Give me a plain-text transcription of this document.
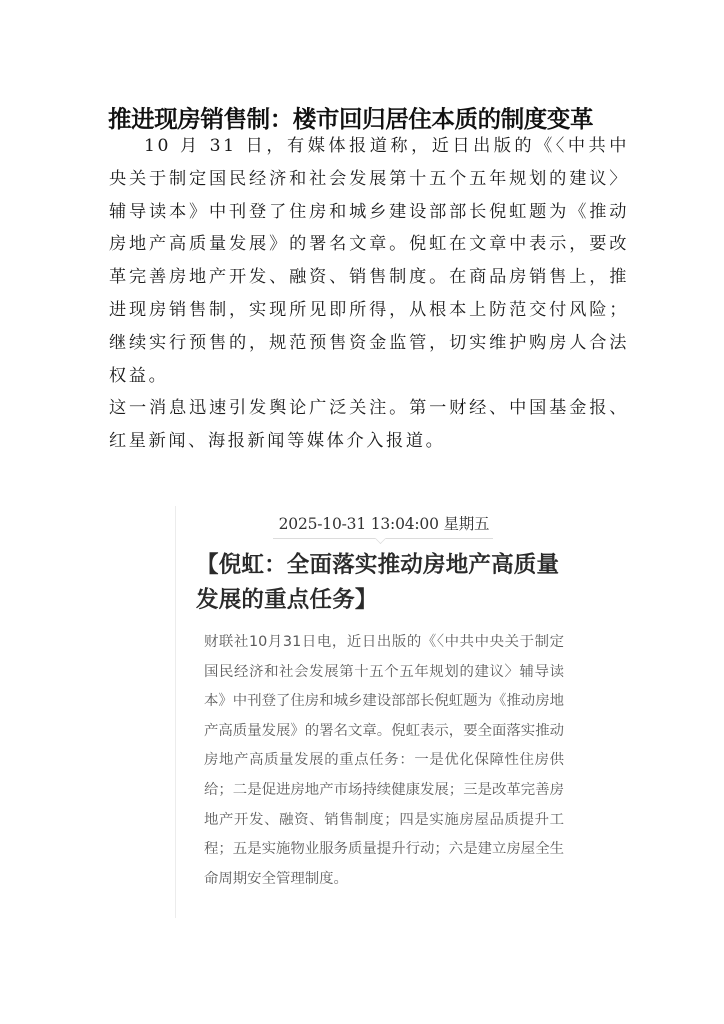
推进现房销售制：楼市回归居住本质的制度变革

10 月 31 日，有媒体报道称，近日出版的《〈中共中央关于制定国民经济和社会发展第十五个五年规划的建议〉辅导读本》中刊登了住房和城乡建设部部长倪虹题为《推动房地产高质量发展》的署名文章。倪虹在文章中表示，要改革完善房地产开发、融资、销售制度。在商品房销售上，推进现房销售制，实现所见即所得，从根本上防范交付风险；继续实行预售的，规范预售资金监管，切实维护购房人合法权益。

这一消息迅速引发舆论广泛关注。第一财经、中国基金报、红星新闻、海报新闻等媒体介入报道。

2025-10-31 13:04:00 星期五
【倪虹：全面落实推动房地产高质量发展的重点任务】
财联社10月31日电，近日出版的《〈中共中央关于制定国民经济和社会发展第十五个五年规划的建议〉辅导读本》中刊登了住房和城乡建设部部长倪虹题为《推动房地产高质量发展》的署名文章。倪虹表示，要全面落实推动房地产高质量发展的重点任务：一是优化保障性住房供给；二是促进房地产市场持续健康发展；三是改革完善房地产开发、融资、销售制度；四是实施房屋品质提升工程；五是实施物业服务质量提升行动；六是建立房屋全生命周期安全管理制度。
